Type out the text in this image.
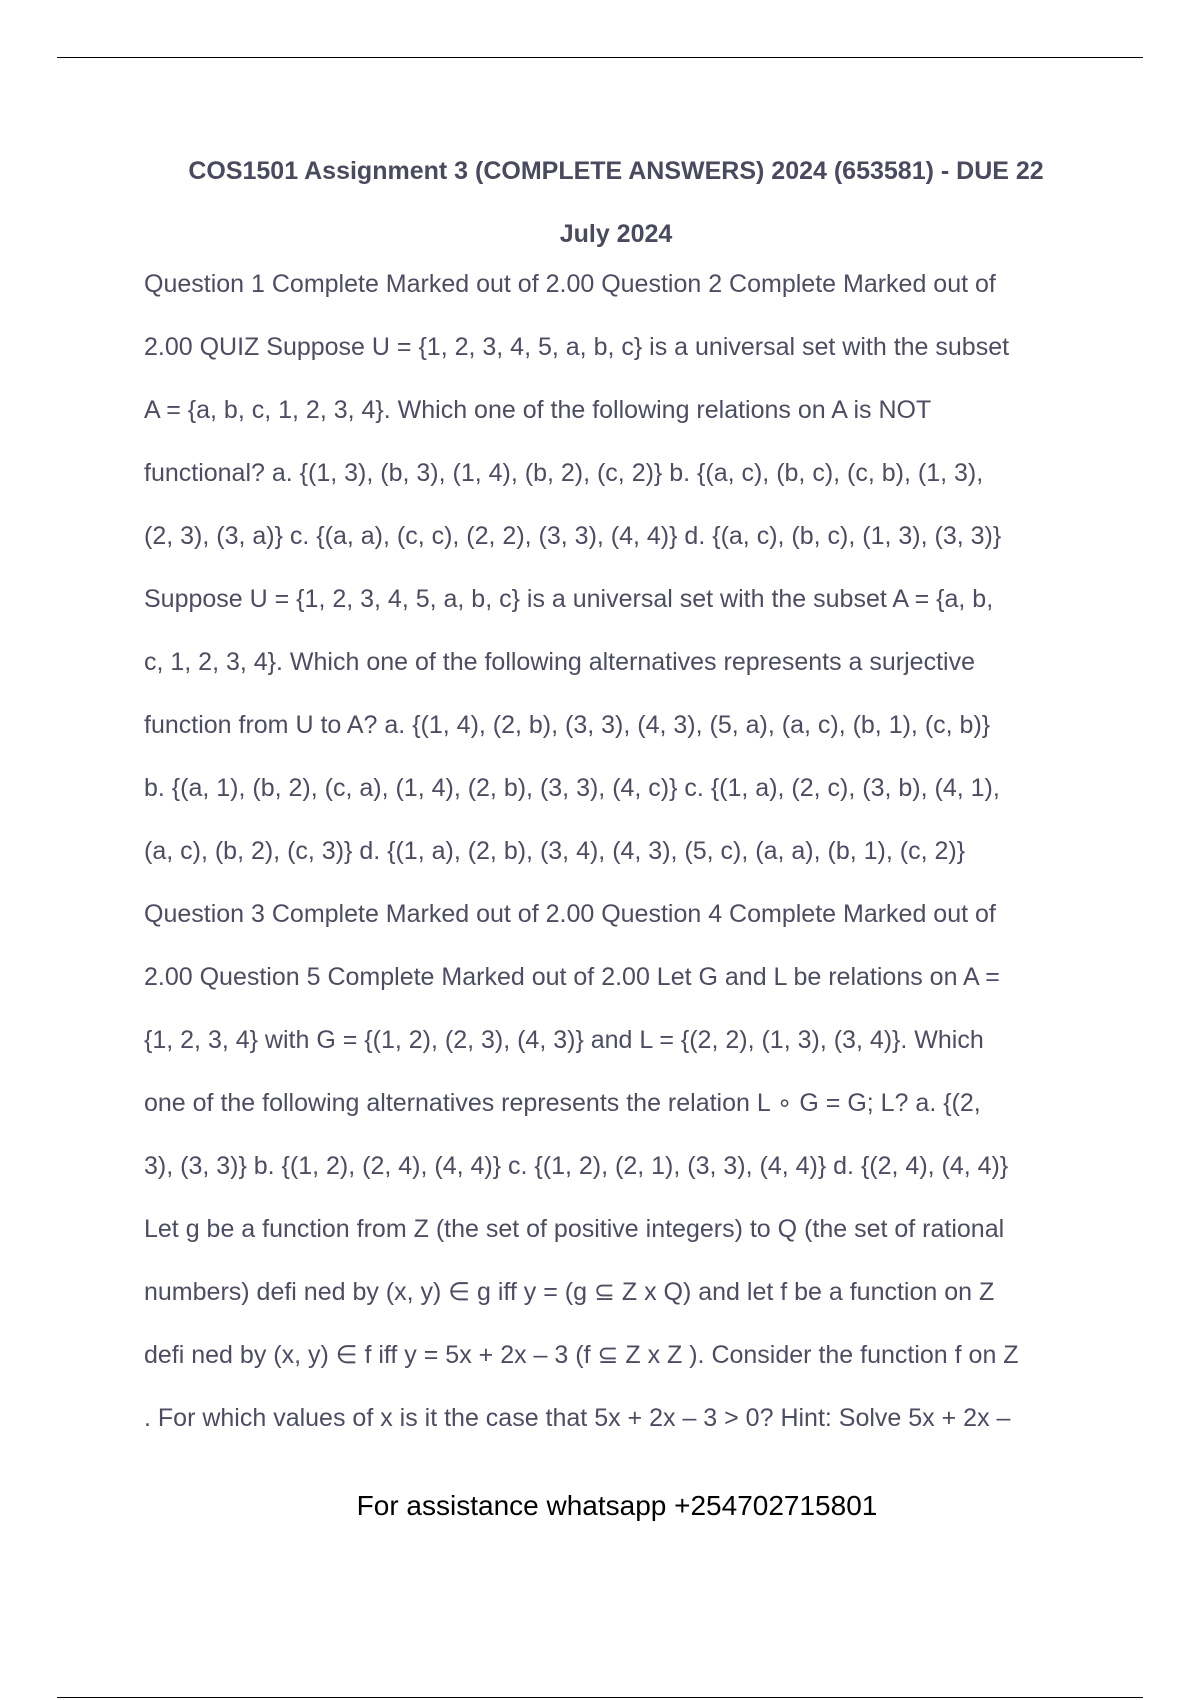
COS1501 Assignment 3 (COMPLETE ANSWERS) 2024 (653581) - DUE 22
July 2024
Question 1 Complete Marked out of 2.00 Question 2 Complete Marked out of
2.00 QUIZ Suppose U = {1, 2, 3, 4, 5, a, b, c} is a universal set with the subset
A = {a, b, c, 1, 2, 3, 4}. Which one of the following relations on A is NOT
functional? a. {(1, 3), (b, 3), (1, 4), (b, 2), (c, 2)} b. {(a, c), (b, c), (c, b), (1, 3),
(2, 3), (3, a)} c. {(a, a), (c, c), (2, 2), (3, 3), (4, 4)} d. {(a, c), (b, c), (1, 3), (3, 3)}
Suppose U = {1, 2, 3, 4, 5, a, b, c} is a universal set with the subset A = {a, b,
c, 1, 2, 3, 4}. Which one of the following alternatives represents a surjective
function from U to A? a. {(1, 4), (2, b), (3, 3), (4, 3), (5, a), (a, c), (b, 1), (c, b)}
b. {(a, 1), (b, 2), (c, a), (1, 4), (2, b), (3, 3), (4, c)} c. {(1, a), (2, c), (3, b), (4, 1),
(a, c), (b, 2), (c, 3)} d. {(1, a), (2, b), (3, 4), (4, 3), (5, c), (a, a), (b, 1), (c, 2)}
Question 3 Complete Marked out of 2.00 Question 4 Complete Marked out of
2.00 Question 5 Complete Marked out of 2.00 Let G and L be relations on A =
{1, 2, 3, 4} with G = {(1, 2), (2, 3), (4, 3)} and L = {(2, 2), (1, 3), (3, 4)}. Which
one of the following alternatives represents the relation L ∘ G = G; L? a. {(2,
3), (3, 3)} b. {(1, 2), (2, 4), (4, 4)} c. {(1, 2), (2, 1), (3, 3), (4, 4)} d. {(2, 4), (4, 4)}
Let g be a function from Z (the set of positive integers) to Q (the set of rational
numbers) defi ned by (x, y) ∈ g iff y = (g ⊆ Z x Q) and let f be a function on Z
defi ned by (x, y) ∈ f iff y = 5x + 2x – 3 (f ⊆ Z x Z ). Consider the function f on Z
. For which values of x is it the case that 5x + 2x – 3 > 0? Hint: Solve 5x + 2x –
For assistance whatsapp +254702715801
